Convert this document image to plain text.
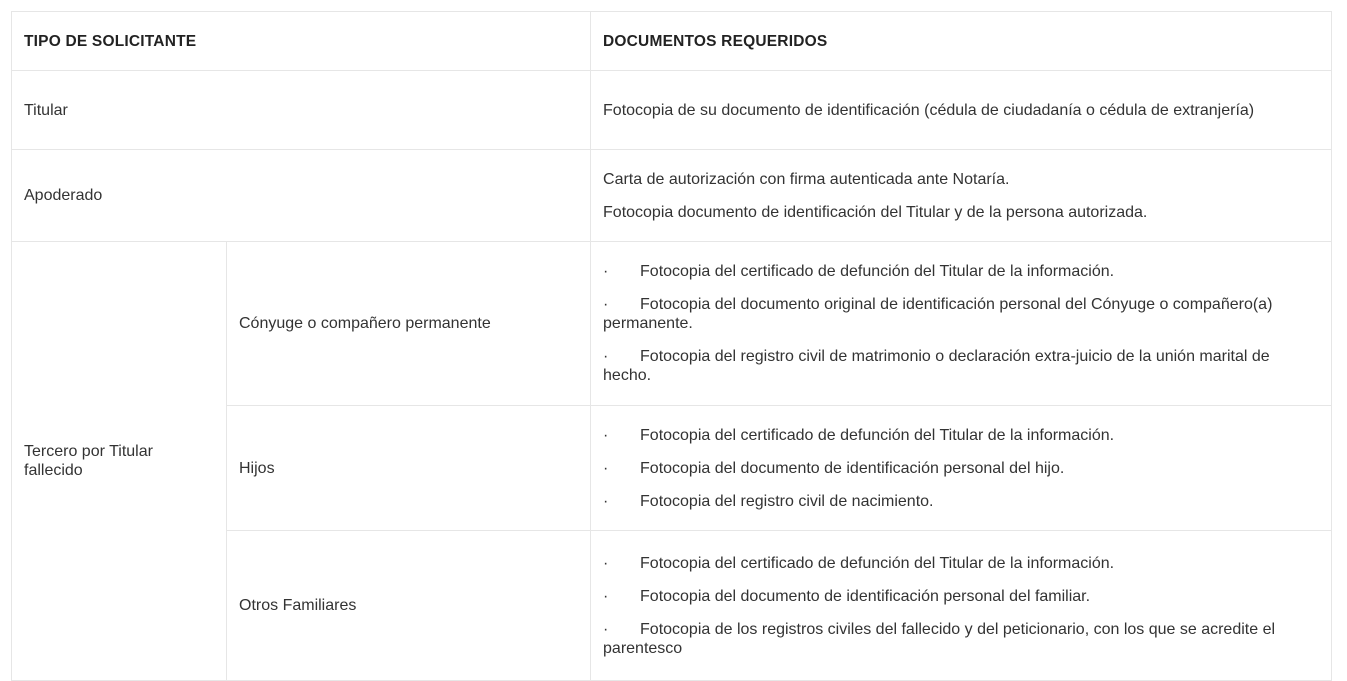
TIPO DE SOLICITANTE		DOCUMENTOS REQUERIDOS
Titular		Fotocopia de su documento de identificación (cédula de ciudadanía o cédula de extranjería)

Apoderado		Carta de autorización con firma autenticada ante Notaría.

Fotocopia documento de identificación del Titular y de la persona autorizada.

Tercero por Titular fallecido	Cónyuge o compañero permanente	· Fotocopia del certificado de defunción del Titular de la información.

· Fotocopia del documento original de identificación personal del Cónyuge o compañero(a) permanente.

· Fotocopia del registro civil de matrimonio o declaración extra-juicio de la unión marital de hecho.

	Hijos	· Fotocopia del certificado de defunción del Titular de la información.

· Fotocopia del documento de identificación personal del hijo.

· Fotocopia del registro civil de nacimiento.

	Otros Familiares	· Fotocopia del certificado de defunción del Titular de la información.

· Fotocopia del documento de identificación personal del familiar.

· Fotocopia de los registros civiles del fallecido y del peticionario, con los que se acredite el parentesco
